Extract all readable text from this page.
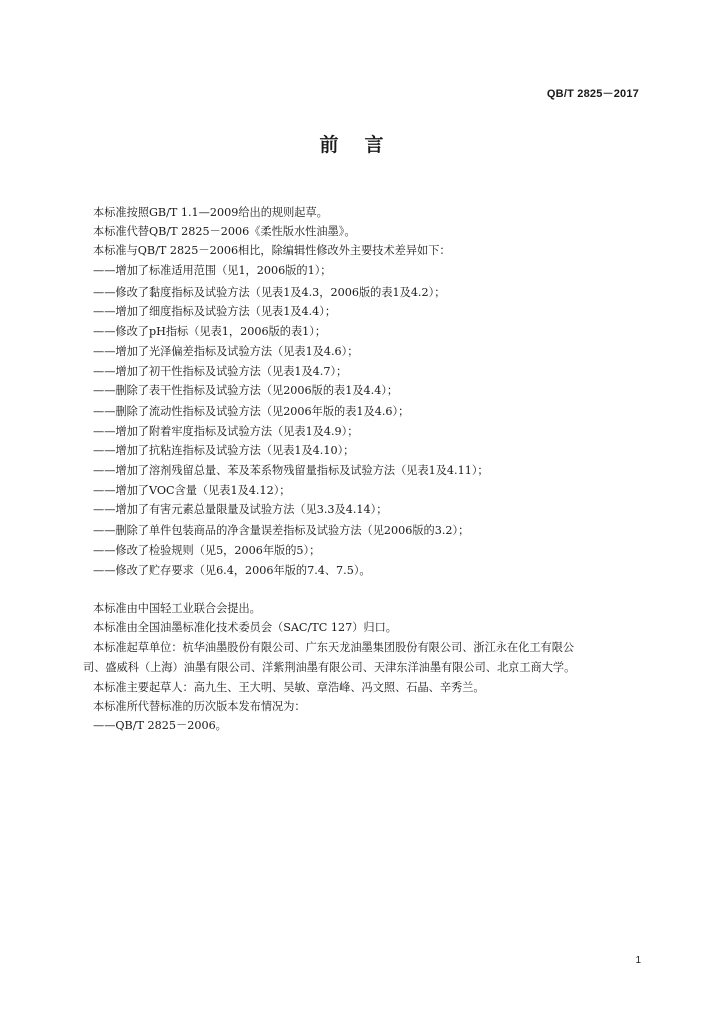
QB/T 2825－2017
前言
本标准按照GB/T 1.1—2009给出的规则起草。
本标准代替QB/T 2825－2006《柔性版水性油墨》。
本标准与QB/T 2825－2006相比，除编辑性修改外主要技术差异如下：
——增加了标准适用范围（见1，2006版的1）；
——修改了黏度指标及试验方法（见表1及4.3，2006版的表1及4.2）；
——增加了细度指标及试验方法（见表1及4.4）；
——修改了pH指标（见表1，2006版的表1）；
——增加了光泽偏差指标及试验方法（见表1及4.6）；
——增加了初干性指标及试验方法（见表1及4.7）；
——删除了表干性指标及试验方法（见2006版的表1及4.4）；
——删除了流动性指标及试验方法（见2006年版的表1及4.6）；
——增加了附着牢度指标及试验方法（见表1及4.9）；
——增加了抗粘连指标及试验方法（见表1及4.10）；
——增加了溶剂残留总量、苯及苯系物残留量指标及试验方法（见表1及4.11）；
——增加了VOC含量（见表1及4.12）；
——增加了有害元素总量限量及试验方法（见3.3及4.14）；
——删除了单件包装商品的净含量误差指标及试验方法（见2006版的3.2）；
——修改了检验规则（见5，2006年版的5）；
——修改了贮存要求（见6.4，2006年版的7.4、7.5）。
本标准由中国轻工业联合会提出。
本标准由全国油墨标准化技术委员会（SAC/TC 127）归口。
本标准起草单位：杭华油墨股份有限公司、广东天龙油墨集团股份有限公司、浙江永在化工有限公
司、盛威科（上海）油墨有限公司、洋紫荆油墨有限公司、天津东洋油墨有限公司、北京工商大学。
本标准主要起草人：高九生、王大明、吴敏、章浩峰、冯文照、石晶、辛秀兰。
本标准所代替标准的历次版本发布情况为：
——QB/T 2825－2006。
1
